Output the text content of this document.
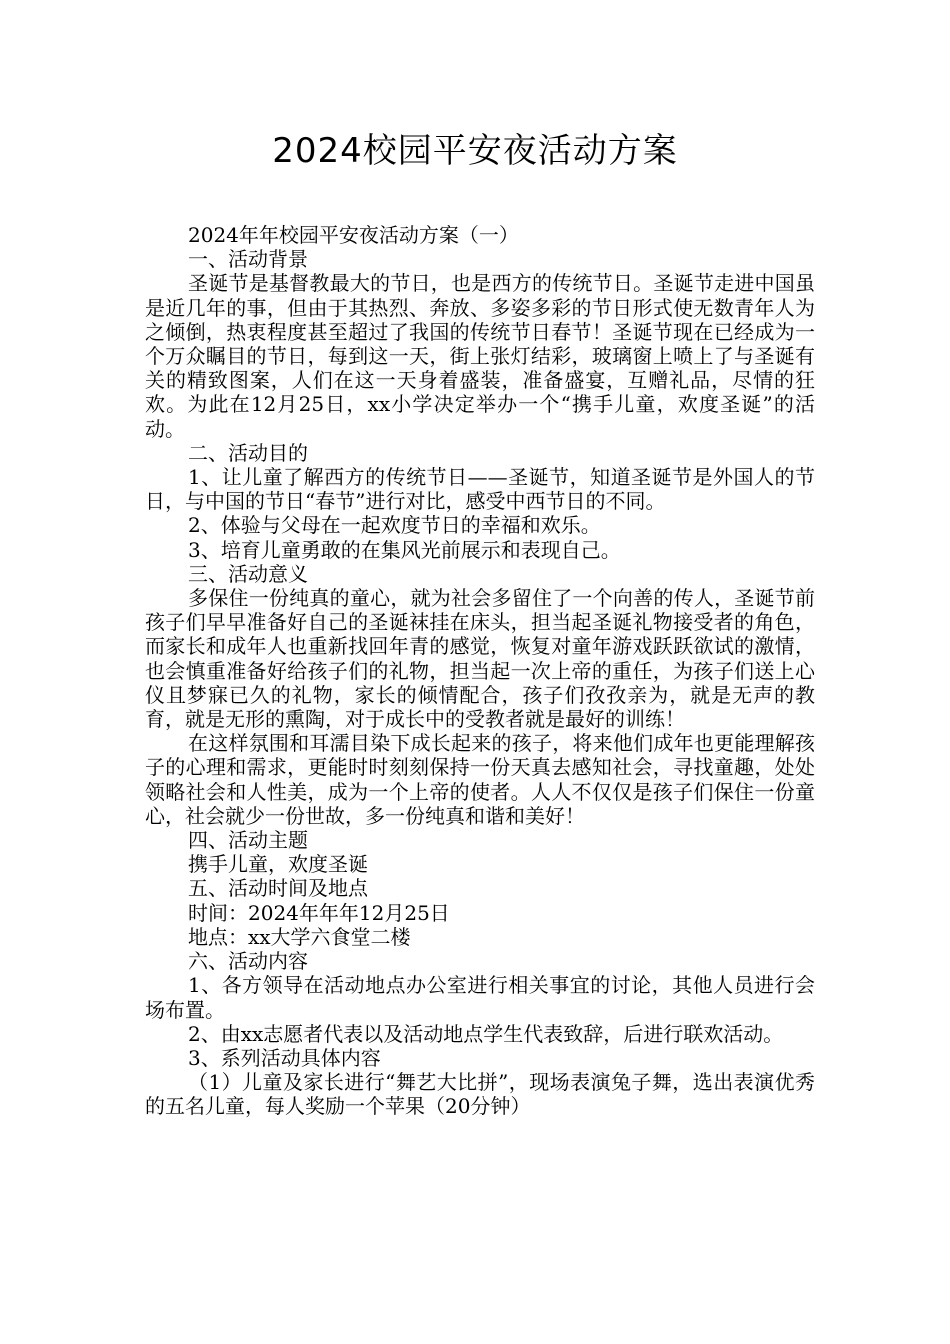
2024校园平安夜活动方案

2024年年校园平安夜活动方案（一）

一、活动背景

圣诞节是基督教最大的节日，也是西方的传统节日。圣诞节走进中国虽是近几年的事，但由于其热烈、奔放、多姿多彩的节日形式使无数青年人为之倾倒，热衷程度甚至超过了我国的传统节日春节！圣诞节现在已经成为一个万众瞩目的节日，每到这一天，街上张灯结彩，玻璃窗上喷上了与圣诞有关的精致图案，人们在这一天身着盛装，准备盛宴，互赠礼品，尽情的狂欢。为此在12月25日，xx小学决定举办一个“携手儿童，欢度圣诞”的活动。

二、活动目的

1、让儿童了解西方的传统节日——圣诞节，知道圣诞节是外国人的节日，与中国的节日“春节”进行对比，感受中西节日的不同。

2、体验与父母在一起欢度节日的幸福和欢乐。

3、培育儿童勇敢的在集风光前展示和表现自己。

三、活动意义

多保住一份纯真的童心，就为社会多留住了一个向善的传人，圣诞节前孩子们早早准备好自己的圣诞袜挂在床头，担当起圣诞礼物接受者的角色，而家长和成年人也重新找回年青的感觉，恢复对童年游戏跃跃欲试的激情，也会慎重准备好给孩子们的礼物，担当起一次上帝的重任，为孩子们送上心仪且梦寐已久的礼物，家长的倾情配合，孩子们孜孜亲为，就是无声的教育，就是无形的熏陶，对于成长中的受教者就是最好的训练！

在这样氛围和耳濡目染下成长起来的孩子，将来他们成年也更能理解孩子的心理和需求，更能时时刻刻保持一份天真去感知社会，寻找童趣，处处领略社会和人性美，成为一个上帝的使者。人人不仅仅是孩子们保住一份童心，社会就少一份世故，多一份纯真和谐和美好！

四、活动主题

携手儿童，欢度圣诞

五、活动时间及地点

时间：2024年年年12月25日

地点：xx大学六食堂二楼

六、活动内容

1、各方领导在活动地点办公室进行相关事宜的讨论，其他人员进行会场布置。

2、由xx志愿者代表以及活动地点学生代表致辞，后进行联欢活动。

3、系列活动具体内容

（1）儿童及家长进行“舞艺大比拼”，现场表演兔子舞，选出表演优秀的五名儿童，每人奖励一个苹果（20分钟）
